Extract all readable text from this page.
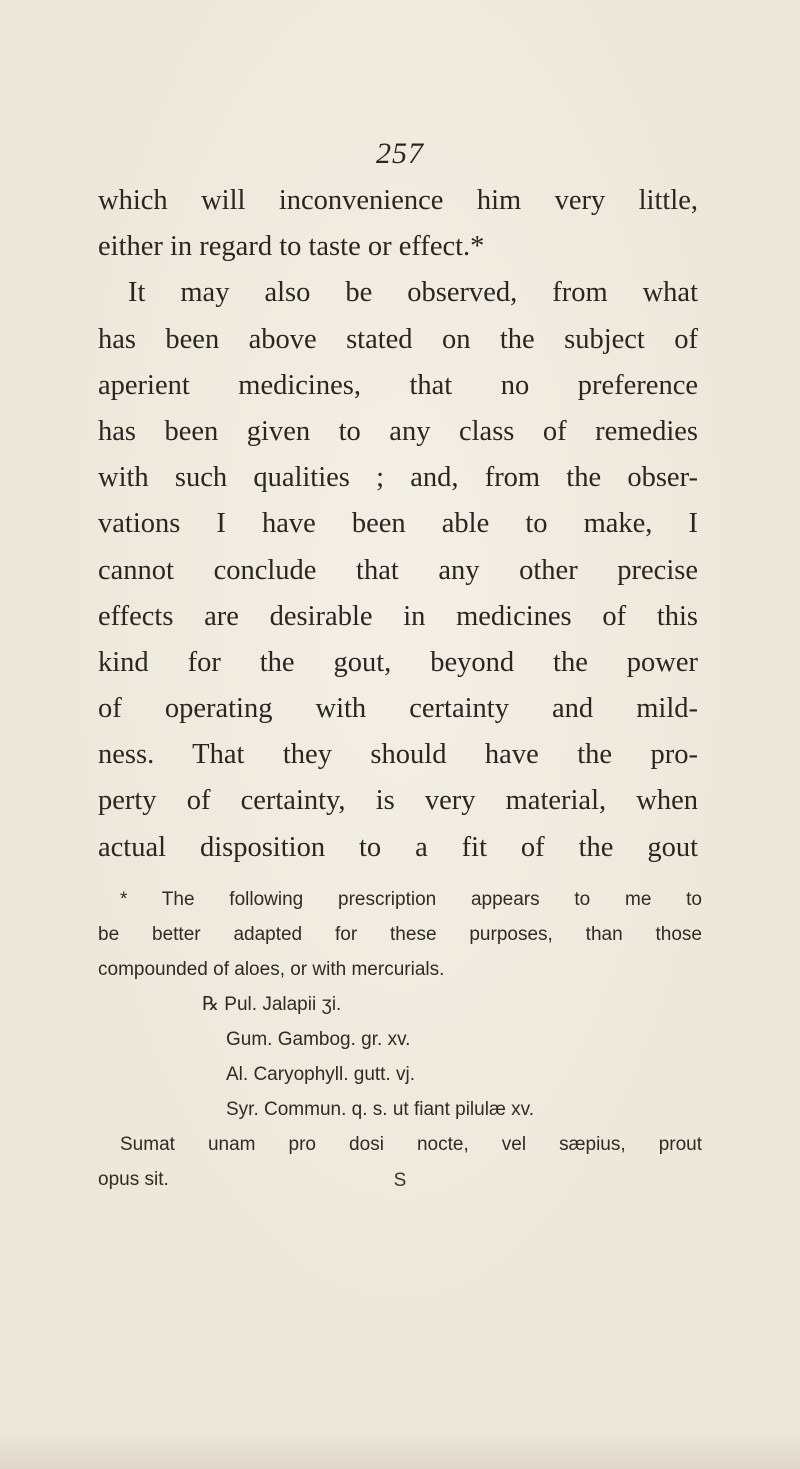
257
which will inconvenience him very little,
either in regard to taste or effect.*
It may also be observed, from what
has been above stated on the subject of
aperient medicines, that no preference
has been given to any class of remedies
with such qualities ; and, from the obser-
vations I have been able to make, I
cannot conclude that any other precise
effects are desirable in medicines of this
kind for the gout, beyond the power
of operating with certainty and mild-
ness. That they should have the pro-
perty of certainty, is very material, when
actual disposition to a fit of the gout
* The following prescription appears to me to
be better adapted for these purposes, than those
compounded of aloes, or with mercurials.
℞ Pul. Jalapii ʒi.
Gum. Gambog. gr. xv.
Al. Caryophyll. gutt. vj.
Syr. Commun. q. s. ut fiant pilulæ xv.
Sumat unam pro dosi nocte, vel sæpius, prout
opus sit.	S
